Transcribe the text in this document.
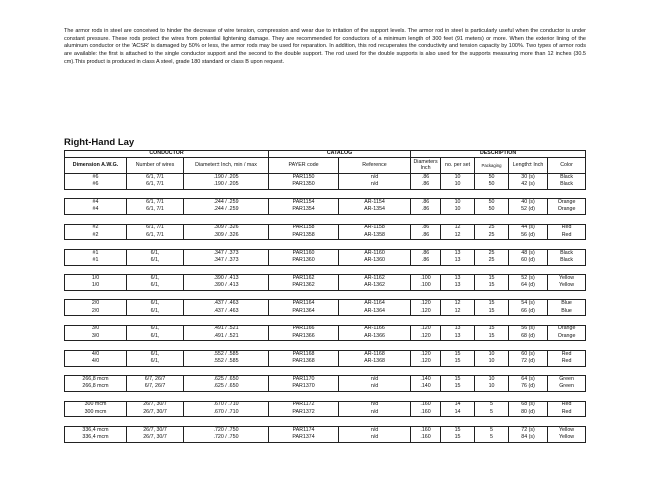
The armor rods in steel are conceived to hinder the decrease of wire tension, compression and wear due to irritation of the support levels. The armor rod in steel is particularly useful when the conductor is under constant pressure. These rods protect the wires from potential lightening damage. They are recommended for conductors of a minimum length of 300 feet (91 meters) or more. When the exterior lining of the aluminum conductor or the 'ACSR' is damaged by 50% or less, the armor rods may be used for reparation. In addition, this rod recuperates the conductivity and tension capacity by 100%. Two types of armor rods are available: the first is attached to the single conductor support and the second to the double support. The rod used for the double supports is also used for the supports measuring more than 12 inches (30.5 cm).This product is produced in class A steel, grade 180 standard or class B upon request.
Right-Hand Lay
CONDUCTOR			CATALOG		DESCRIPTION				
Dimension A.W.G.	Number of wires	Diameter± Inch, min / max	PAYER code	Reference	Diameters Inch	no. per set	Packaging	Length± Inch	Color
#6	6/1, 7/1	.190 / .205	PAR1150	n/d	.86	10	50	30 (s)	Black
#6	6/1, 7/1	.190 / .205	PAR1350	n/d	.86	10	50	42 (s)	Black

#4	6/1, 7/1	.244 / .259	PAR1154	AR-1154	.86	10	50	40 (s)	Orange
#4	6/1, 7/1	.244 / .259	PAR1354	AR-1354	.86	10	50	52 (d)	Orange

#2	6/1, 7/1	.309 / .326	PAR1158	AR-1158	.86	12	25	44 (s)	Red
#2	6/1, 7/1	.309 / .326	PAR1358	AR-1358	.86	12	25	56 (d)	Red

#1	6/1,	.347 / .373	PAR1160	AR-1160	.86	13	25	48 (s)	Black
#1	6/1,	.347 / .373	PAR1360	AR-1360	.86	13	25	60 (d)	Black

1/0	6/1,	.390 / .413	PAR1162	AR-1162	.100	13	15	52 (s)	Yellow
1/0	6/1,	.390 / .413	PAR1362	AR-1362	.100	13	15	64 (d)	Yellow

2/0	6/1,	.437 / .463	PAR1164	AR-1164	.120	12	15	54 (s)	Blue
2/0	6/1,	.437 / .463	PAR1364	AR-1364	.120	12	15	66 (d)	Blue

3/0	6/1,	.491 / .521	PAR1166	AR-1166	.120	13	15	56 (s)	Orange
3/0	6/1,	.491 / .521	PAR1366	AR-1366	.120	13	15	68 (d)	Orange

4/0	6/1,	.552 / .585	PAR1168	AR-1168	.120	15	10	60 (s)	Red
4/0	6/1,	.552 / .585	PAR1368	AR-1368	.120	15	10	72 (d)	Red

266,8 mcm	6/7, 26/7	.625 / .650	PAR1170	n/d	.140	15	10	64 (s)	Green
266,8 mcm	6/7, 26/7	.625 / .650	PAR1370	n/d	.140	15	10	76 (d)	Green

300 mcm	26/7, 30/7	.670 / .710	PAR1172	n/d	.160	14	5	68 (s)	Red
300 mcm	26/7, 30/7	.670 / .710	PAR1372	n/d	.160	14	5	80 (d)	Red

336,4 mcm	26/7, 30/7	.720 / .750	PAR1174	n/d	.160	15	5	72 (s)	Yellow
336,4 mcm	26/7, 30/7	.720 / .750	PAR1374	n/d	.160	15	5	84 (s)	Yellow
